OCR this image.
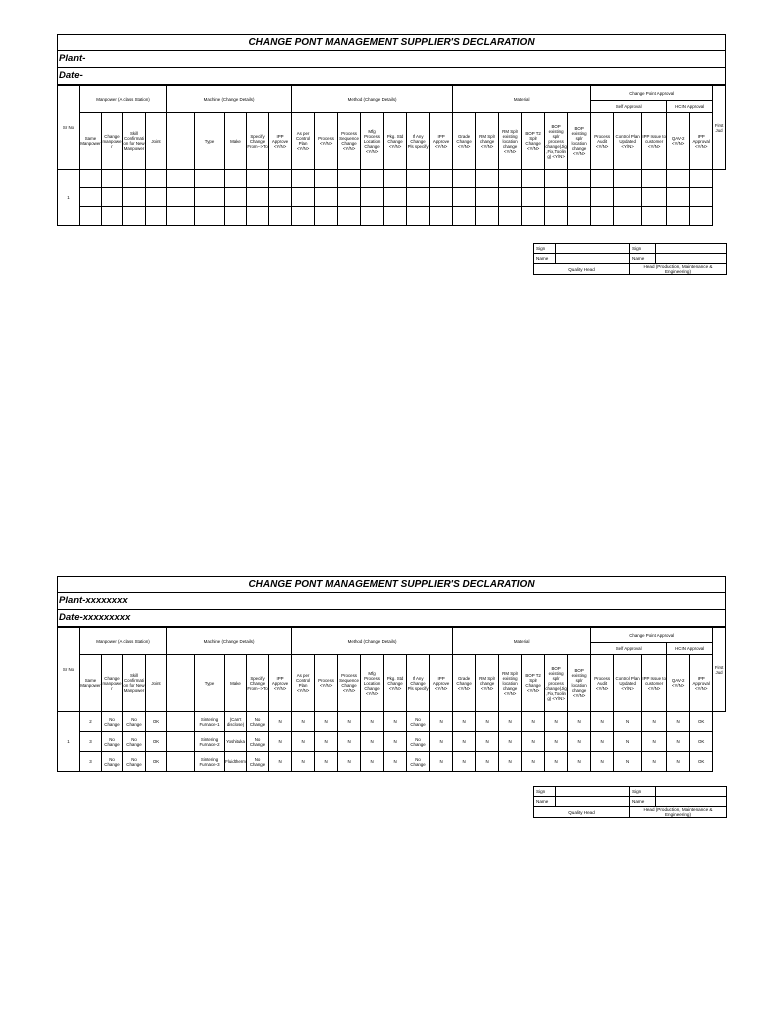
CHANGE PONT MANAGEMENT SUPPLIER'S DECLARATION
Plant-
Date-
Sr No	Manpower (A class Station)				Machine (Change Details)					Method (Change Details)							Material						Change Point Approval					First Jud
																							Self Approval			HCIN Approval		
	Same Manpower	Change manpower	Skill Confirmation for New Manpower	Joint		Type	Make	Specify Change From-->To	IPP Approve <Y/N>	As per Control Plan <Y/N>	Process <Y/N>	Process Sequence Change <Y/N>	Mfg Process Location Change <Y/N>	Pkg. Std Change <Y/N>	If Any Change Pls specify	IPP Approve <Y/N>	Grade Change <Y/N>	RM Splr change <Y/N>	RM Splr existing location change <Y/N>	BOP T2 Splr Change <Y/N>	BOP existing splr process change(Jig,Fix,Tooling) <Y/N>	BOP existing splr location change <Y/N>	Process Audit <Y/N>	Control Plan Updated <Y/N>	IPP Issue to customer <Y/N>	QAV-2 <Y/N>	IPP Approval <Y/N>	
1																												

Sign		Sign	
Name		Name	
Quality Head		Head (Production, Maintenance & Engineering)	
CHANGE PONT MANAGEMENT SUPPLIER'S DECLARATION
Plant-xxxxxxxx
Date-xxxxxxxxx
Sr No	Manpower (A class Station)				Machine (Change Details)					Method (Change Details)							Material						Change Point Approval					First Jud
																							Self Approval			HCIN Approval		
	Same Manpower	Change manpower	Skill Confirmation for New Manpower	Joint		Type	Make	Specify Change From-->To	IPP Approve <Y/N>	As per Control Plan <Y/N>	Process <Y/N>	Process Sequence Change <Y/N>	Mfg Process Location Change <Y/N>	Pkg. Std Change <Y/N>	If Any Change Pls specify	IPP Approve <Y/N>	Grade Change <Y/N>	RM Splr change <Y/N>	RM Splr existing location change <Y/N>	BOP T2 Splr Change <Y/N>	BOP existing splr process change(Jig,Fix,Tooling) <Y/N>	BOP existing splr location change <Y/N>	Process Audit <Y/N>	Control Plan Updated <Y/N>	IPP Issue to customer <Y/N>	QAV-2 <Y/N>	IPP Approval <Y/N>	
1	2	No Change	No Change	OK		Sintering Furnace-1	(Can't disclose)	No Change	N	N	N	N	N	N	No Change	N	N	N	N	N	N	N	N	N	N	N	OK	
	3	No Change	No Change	OK		Sintering Furnace-2	Yoshituka	No Change	N	N	N	N	N	N	No Change	N	N	N	N	N	N	N	N	N	N	N	OK	
	3	No Change	No Change	OK		Sintering Furnace-3	Fluidtherm	No Change	N	N	N	N	N	N	No Change	N	N	N	N	N	N	N	N	N	N	N	OK	
Sign		Sign	
Name		Name	
Quality Head		Head (Production, Maintenance & Engineering)	
